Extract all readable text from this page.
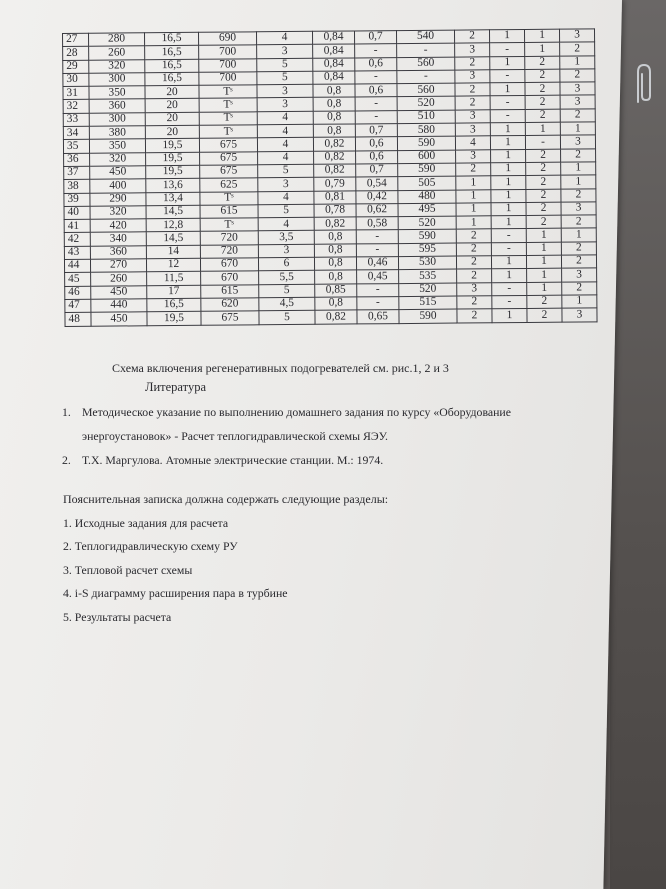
27	280	16,5	690	4	0,84	0,7	540	2	1	1	3
28	260	16,5	700	3	0,84	-	-	3	-	1	2
29	320	16,5	700	5	0,84	0,6	560	2	1	2	1
30	300	16,5	700	5	0,84	-	-	3	-	2	2
31	350	20	Tˢ	3	0,8	0,6	560	2	1	2	3
32	360	20	Tˢ	3	0,8	-	520	2	-	2	3
33	300	20	Tˢ	4	0,8	-	510	3	-	2	2
34	380	20	Tˢ	4	0,8	0,7	580	3	1	1	1
35	350	19,5	675	4	0,82	0,6	590	4	1	-	3
36	320	19,5	675	4	0,82	0,6	600	3	1	2	2
37	450	19,5	675	5	0,82	0,7	590	2	1	2	1
38	400	13,6	625	3	0,79	0,54	505	1	1	2	1
39	290	13,4	Tˢ	4	0,81	0,42	480	1	1	2	2
40	320	14,5	615	5	0,78	0,62	495	1	1	2	3
41	420	12,8	Tˢ	4	0,82	0,58	520	1	1	2	2
42	340	14,5	720	3,5	0,8	-	590	2	-	1	1
43	360	14	720	3	0,8	-	595	2	-	1	2
44	270	12	670	6	0,8	0,46	530	2	1	1	2
45	260	11,5	670	5,5	0,8	0,45	535	2	1	1	3
46	450	17	615	5	0,85	-	520	3	-	1	2
47	440	16,5	620	4,5	0,8	-	515	2	-	2	1
48	450	19,5	675	5	0,82	0,65	590	2	1	2	3
Схема включения регенеративных подогревателей см. рис.1, 2 и 3
Литература
1. Методическое указание по выполнению домашнего задания по курсу «Оборудование
энергоустановок» - Расчет теплогидравлической схемы ЯЭУ.
2. Т.Х. Маргулова. Атомные электрические станции. М.: 1974.
Пояснительная записка должна содержать следующие разделы:
1. Исходные задания для расчета
2. Теплогидравлическую схему РУ
3. Тепловой расчет схемы
4. i-S диаграмму расширения пара в турбине
5. Результаты расчета
